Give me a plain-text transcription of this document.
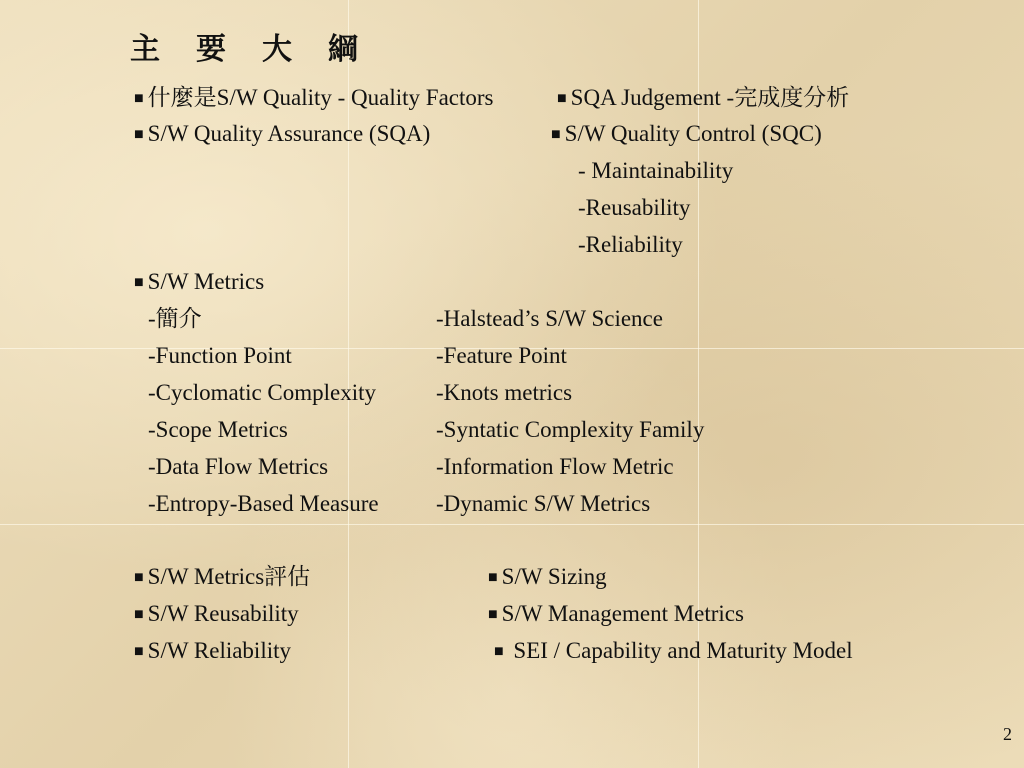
主 要 大 綱
■ 什麼是S/W Quality - Quality Factors	■ SQA Judgement -完成度分析
■ S/W Quality Assurance (SQA)	■ S/W Quality Control (SQC)
- Maintainability
-Reusability
-Reliability
■ S/W Metrics
-簡介
-Function Point
-Cyclomatic Complexity
-Scope Metrics
-Data Flow Metrics
-Entropy-Based Measure
-Halstead’s S/W Science
-Feature Point
-Knots metrics
-Syntatic Complexity Family
-Information Flow Metric
-Dynamic S/W Metrics
■ S/W Metrics評估
■ S/W Reusability
■ S/W Reliability
■ S/W Sizing
■ S/W Management Metrics
■ SEI / Capability and Maturity Model
2
